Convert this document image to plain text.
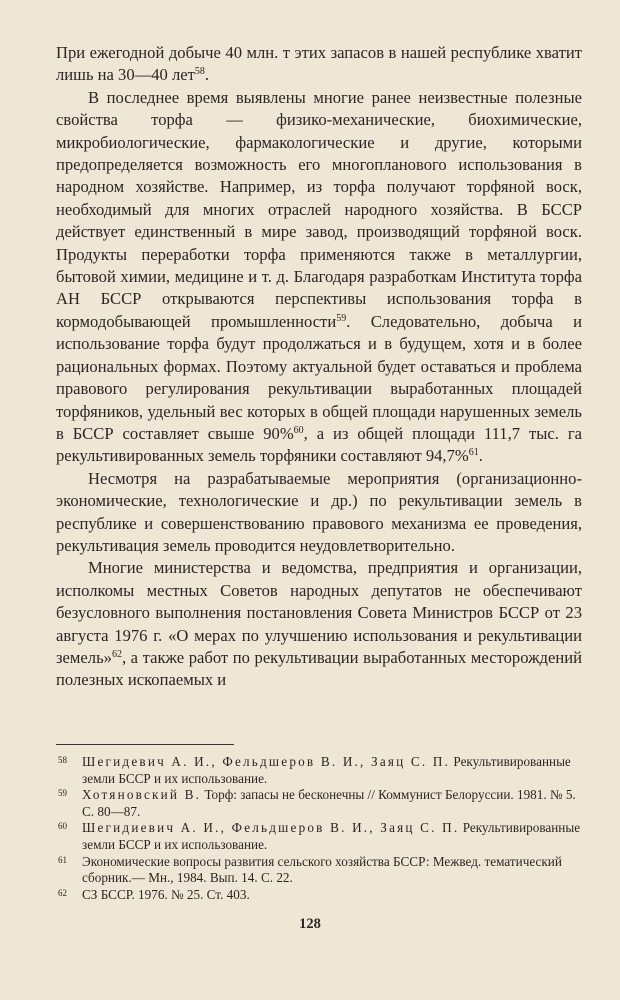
При ежегодной добыче 40 млн. т этих запасов в нашей республике хватит лишь на 30—40 лет$^{58}$.

В последнее время выявлены многие ранее неизвестные полезные свойства торфа — физико-механические, биохимические, микробиологические, фармакологические и другие, которыми предопределяется возможность его многопланового использования в народном хозяйстве. Например, из торфа получают торфяной воск, необходимый для многих отраслей народного хозяйства. В БССР действует единственный в мире завод, производящий торфяной воск. Продукты переработки торфа применяются также в металлургии, бытовой химии, медицине и т. д. Благодаря разработкам Института торфа АН БССР открываются перспективы использования торфа в кормодобывающей промышленности$^{59}$. Следовательно, добыча и использование торфа будут продолжаться и в будущем, хотя и в более рациональных формах. Поэтому актуальной будет оставаться и проблема правового регулирования рекультивации выработанных площадей торфяников, удельный вес которых в общей площади нарушенных земель в БССР составляет свыше 90%$^{60}$, а из общей площади 111,7 тыс. га рекультивированных земель торфяники составляют 94,7%$^{61}$.

Несмотря на разрабатываемые мероприятия (организационно-экономические, технологические и др.) по рекультивации земель в республике и совершенствованию правового механизма ее проведения, рекультивация земель проводится неудовлетворительно.

Многие министерства и ведомства, предприятия и организации, исполкомы местных Советов народных депутатов не обеспечивают безусловного выполнения постановления Совета Министров БССР от 23 августа 1976 г. «О мерах по улучшению использования и рекультивации земель»$^{62}$, а также работ по рекультивации выработанных месторождений полезных ископаемых и

58 Шегидевич А. И., Фельдшеров В. И., Заяц С. П. Рекультивированные земли БССР и их использование.
59 Хотяновский В. Торф: запасы не бесконечны // Коммунист Белоруссии. 1981. № 5. С. 80—87.
60 Шегидиевич А. И., Фельдшеров В. И., Заяц С. П. Рекультивированные земли БССР и их использование.
61 Экономические вопросы развития сельского хозяйства БССР: Межвед. тематический сборник.— Мн., 1984. Вып. 14. С. 22.
62 СЗ БССР. 1976. № 25. Ст. 403.
128
